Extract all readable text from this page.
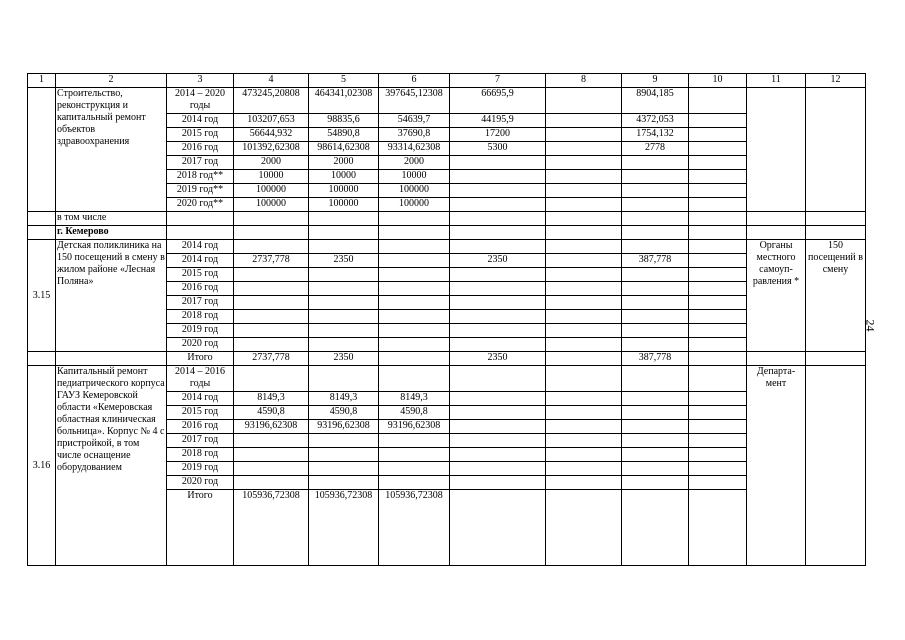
1	2	3	4	5	6	7	8	9	10	11	12
	Строительство, реконструкция и капитальный ремонт объектов здравоохранения	2014 – 2020 годы	473245,20808	464341,02308	397645,12308	66695,9		8904,185			
		2014 год	103207,653	98835,6	54639,7	44195,9		4372,053			
		2015 год	56644,932	54890,8	37690,8	17200		1754,132			
		2016 год	101392,62308	98614,62308	93314,62308	5300		2778			
		2017 год	2000	2000	2000						
		2018 год**	10000	10000	10000						
		2019 год**	100000	100000	100000						
		2020 год**	100000	100000	100000						
	в том числе										
	г. Кемерово										
3.15	Детская поликлиника на 150 посещений в смену в жилом районе «Лесная Поляна»	2014 год								Органы местного самоуп-равления *	150 посещений в смену
		2014 год	2737,778	2350		2350		387,778			
		2015 год									
		2016 год									
		2017 год									
		2018 год									
		2019 год									
		2020 год									
		Итого	2737,778	2350		2350		387,778			
3.16	Капитальный ремонт педиатрического корпуса ГАУЗ Кемеровской области «Кемеровская областная клиническая больница». Корпус № 4 с пристройкой, в том числе оснащение оборудованием	2014 – 2016 годы								Департа-мент	
		2014 год	8149,3	8149,3	8149,3						
		2015 год	4590,8	4590,8	4590,8						
		2016 год	93196,62308	93196,62308	93196,62308						
		2017 год									
		2018 год									
		2019 год									
		2020 год									
		Итого	105936,72308	105936,72308	105936,72308						
24
